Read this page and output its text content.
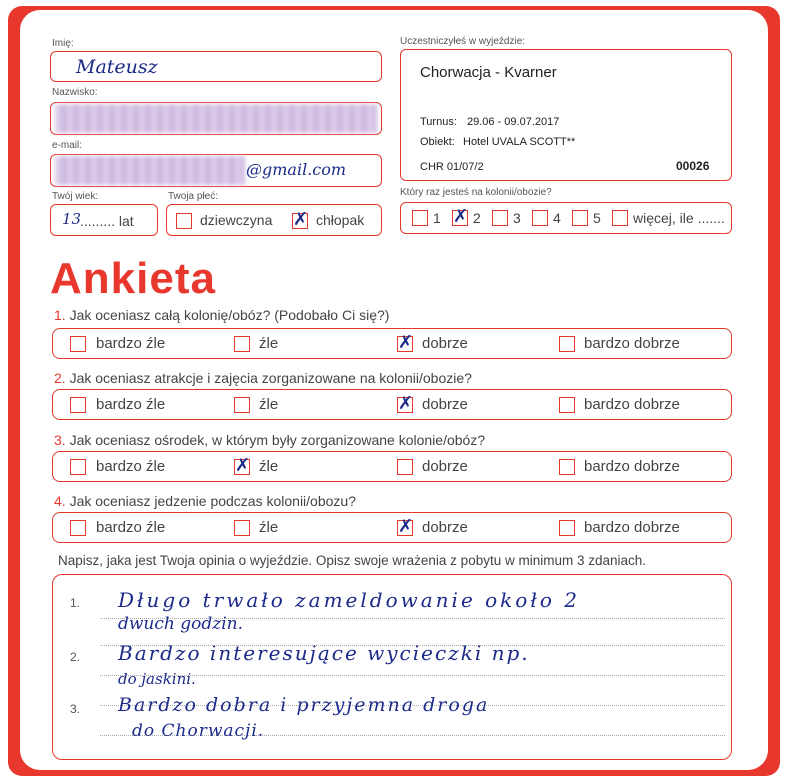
Imię:
Mateusz
Nazwisko:
e-mail:
@gmail.com
Twój wiek:
13
......... lat
Twoja płeć:
dziewczyna ✗ chłopak
Uczestniczyłeś w wyjeździe:
Chorwacja - Kvarner
Turnus: 29.06 - 09.07.2017
Obiekt: Hotel UVALA SCOTT**
CHR 01/07/2	00026
Który raz jesteś na kolonii/obozie?
1 ✗ 2 3 4 5 więcej, ile .......
Ankieta
1. Jak oceniasz całą kolonię/obóz? (Podobało Ci się?)
bardzo źle	źle	✗ dobrze	bardzo dobrze
2. Jak oceniasz atrakcje i zajęcia zorganizowane na kolonii/obozie?
bardzo źle	źle	✗ dobrze	bardzo dobrze
3. Jak oceniasz ośrodek, w którym były zorganizowane kolonie/obóz?
bardzo źle	✗ źle	dobrze	bardzo dobrze
4. Jak oceniasz jedzenie podczas kolonii/obozu?
bardzo źle	źle	✗ dobrze	bardzo dobrze
Napisz, jaka jest Twoja opinia o wyjeździe. Opisz swoje wrażenia z pobytu w minimum 3 zdaniach.
1.
2.
3.
Długo trwało zameldowanie około 2
dwuch godzin.
Bardzo interesujące wycieczki np.
do jaskini.
Bardzo dobra i przyjemna droga
do Chorwacji.
